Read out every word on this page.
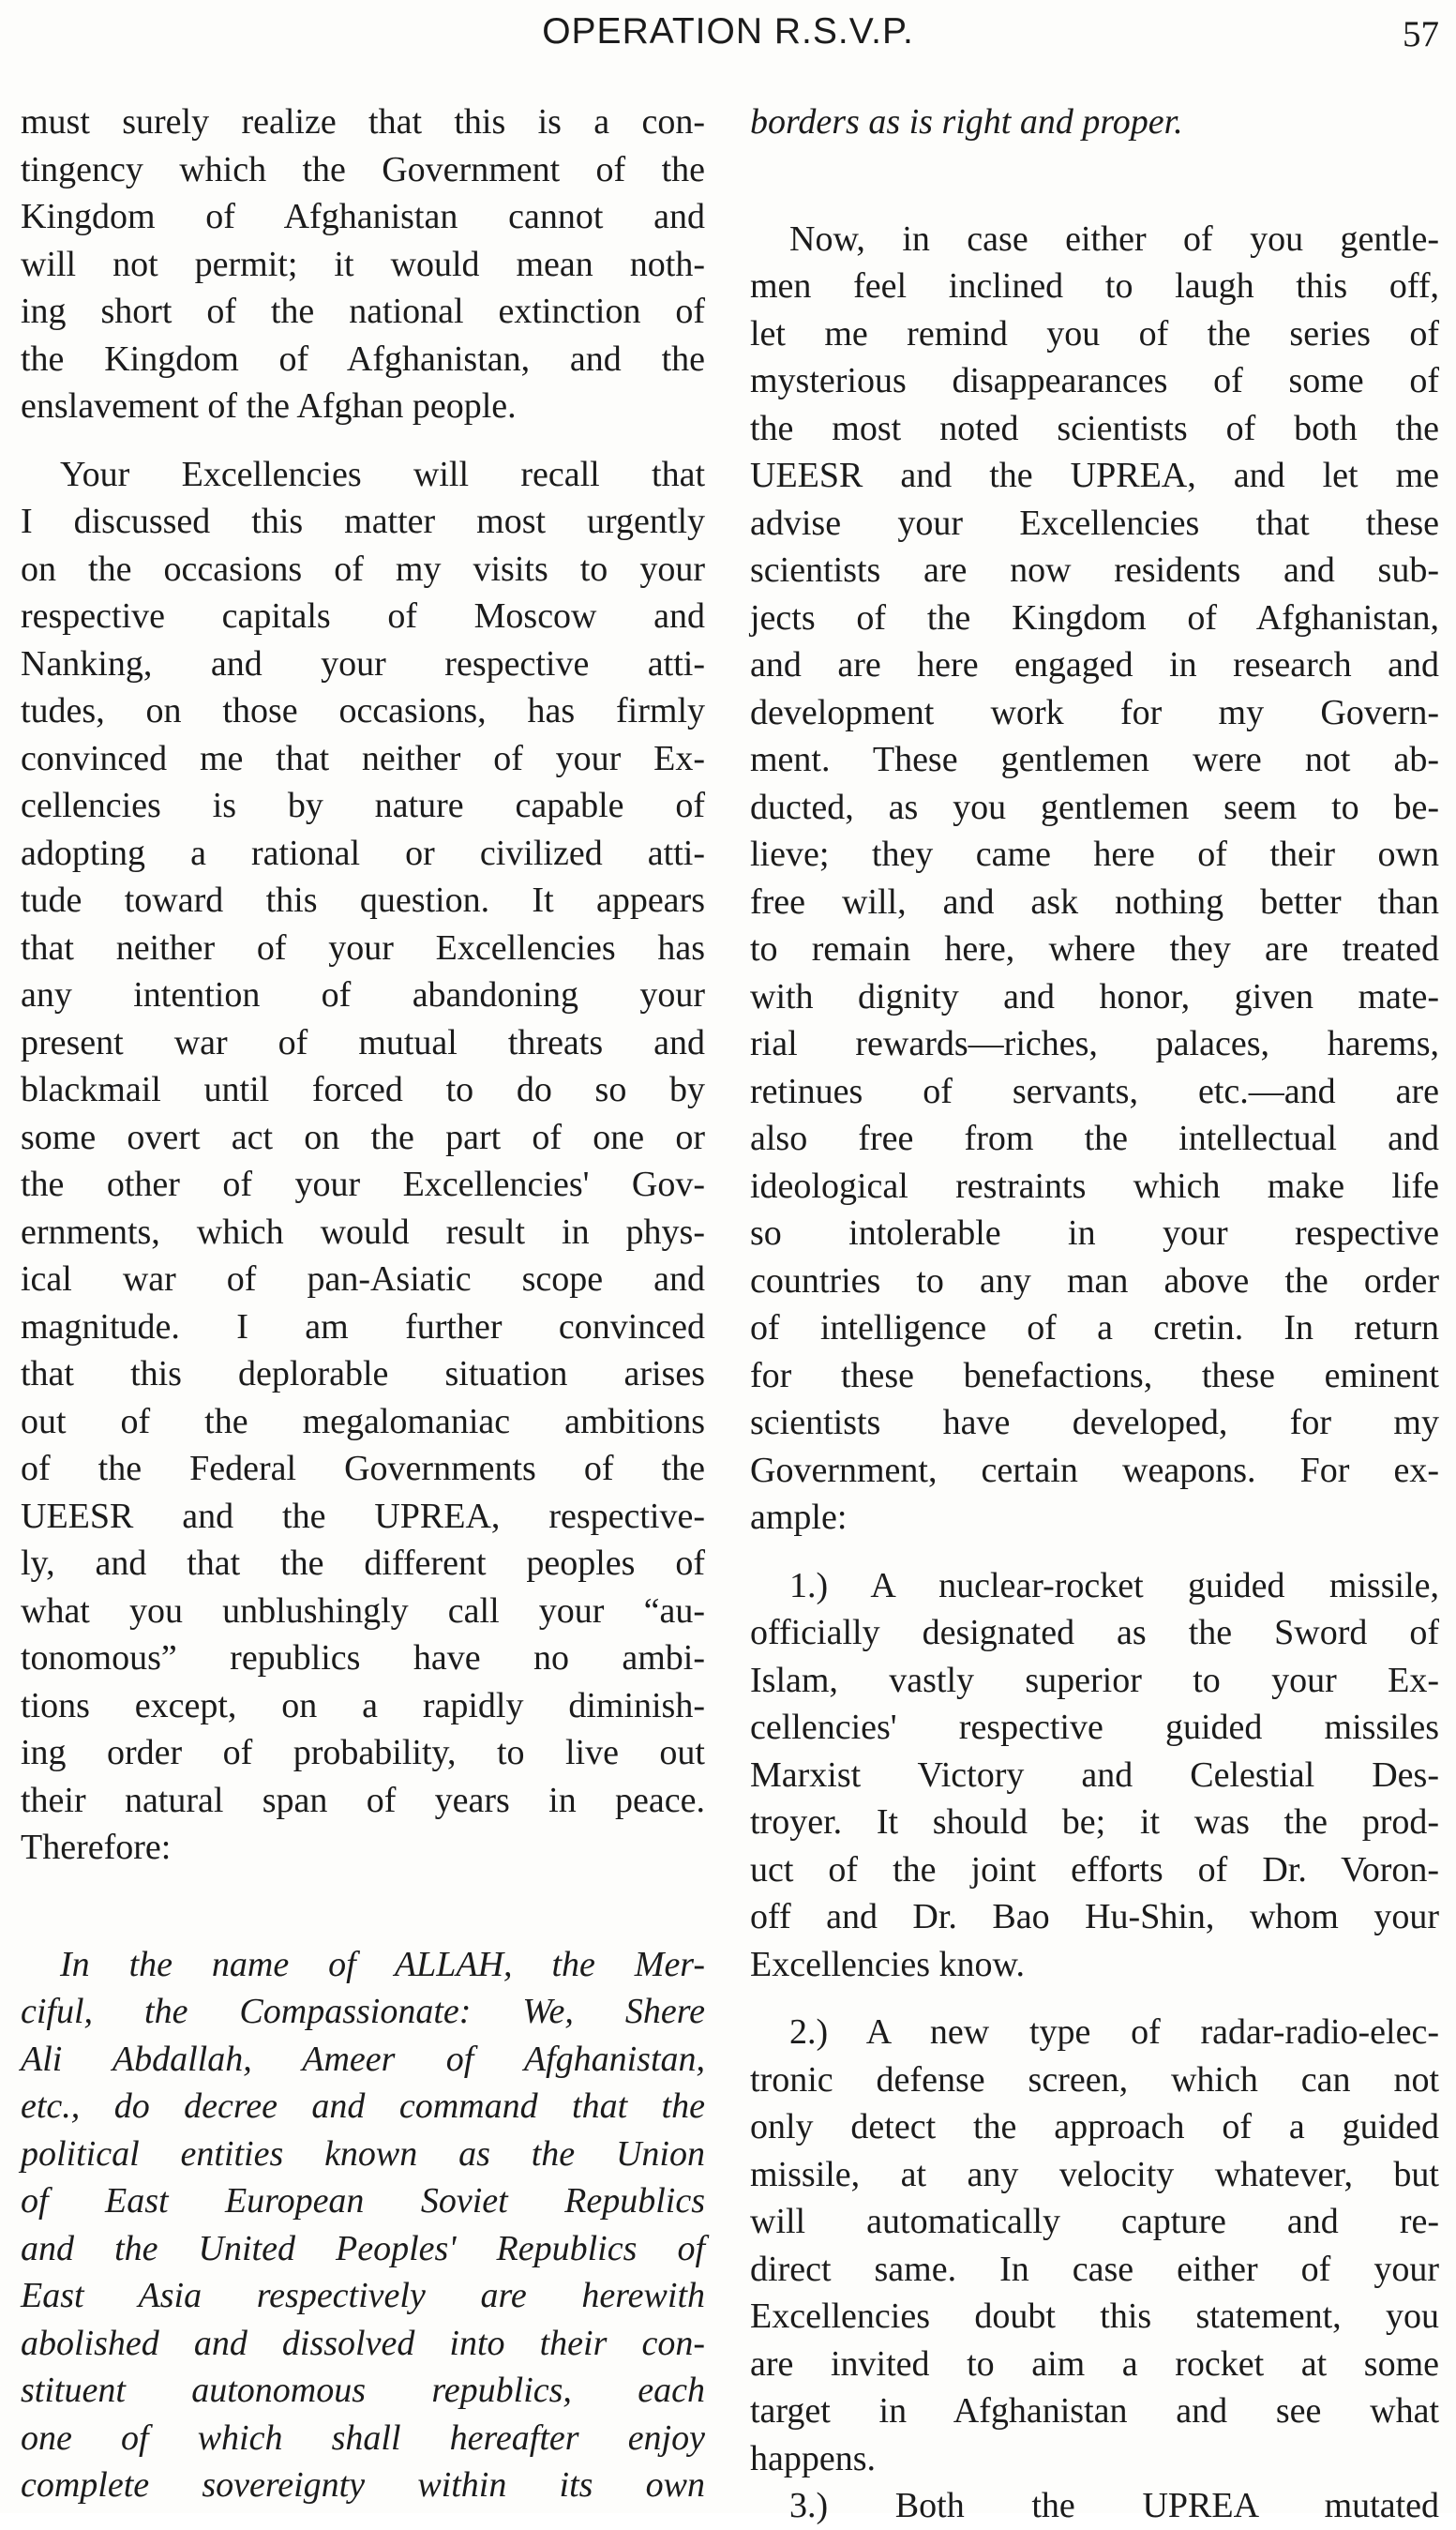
OPERATION R.S.V.P.	57
must surely realize that this is a con-
tingency which the Government of the
Kingdom of Afghanistan cannot and
will not permit; it would mean noth-
ing short of the national extinction of
the Kingdom of Afghanistan, and the
enslavement of the Afghan people.
Your Excellencies will recall that
I discussed this matter most urgently
on the occasions of my visits to your
respective capitals of Moscow and
Nanking, and your respective atti-
tudes, on those occasions, has firmly
convinced me that neither of your Ex-
cellencies is by nature capable of
adopting a rational or civilized atti-
tude toward this question. It appears
that neither of your Excellencies has
any intention of abandoning your
present war of mutual threats and
blackmail until forced to do so by
some overt act on the part of one or
the other of your Excellencies' Gov-
ernments, which would result in phys-
ical war of pan-Asiatic scope and
magnitude. I am further convinced
that this deplorable situation arises
out of the megalomaniac ambitions
of the Federal Governments of the
UEESR and the UPREA, respective-
ly, and that the different peoples of
what you unblushingly call your “au-
tonomous” republics have no ambi-
tions except, on a rapidly diminish-
ing order of probability, to live out
their natural span of years in peace.
Therefore:
In the name of ALLAH, the Mer-
ciful, the Compassionate: We, Shere
Ali Abdallah, Ameer of Afghanistan,
etc., do decree and command that the
political entities known as the Union
of East European Soviet Republics
and the United Peoples' Republics of
East Asia respectively are herewith
abolished and dissolved into their con-
stituent autonomous republics, each
one of which shall hereafter enjoy
complete sovereignty within its own
borders as is right and proper.
Now, in case either of you gentle-
men feel inclined to laugh this off,
let me remind you of the series of
mysterious disappearances of some of
the most noted scientists of both the
UEESR and the UPREA, and let me
advise your Excellencies that these
scientists are now residents and sub-
jects of the Kingdom of Afghanistan,
and are here engaged in research and
development work for my Govern-
ment. These gentlemen were not ab-
ducted, as you gentlemen seem to be-
lieve; they came here of their own
free will, and ask nothing better than
to remain here, where they are treated
with dignity and honor, given mate-
rial rewards—riches, palaces, harems,
retinues of servants, etc.—and are
also free from the intellectual and
ideological restraints which make life
so intolerable in your respective
countries to any man above the order
of intelligence of a cretin. In return
for these benefactions, these eminent
scientists have developed, for my
Government, certain weapons. For ex-
ample:
1.) A nuclear-rocket guided missile,
officially designated as the Sword of
Islam, vastly superior to your Ex-
cellencies' respective guided missiles
Marxist Victory and Celestial Des-
troyer. It should be; it was the prod-
uct of the joint efforts of Dr. Voron-
off and Dr. Bao Hu-Shin, whom your
Excellencies know.
2.) A new type of radar-radio-elec-
tronic defense screen, which can not
only detect the approach of a guided
missile, at any velocity whatever, but
will automatically capture and re-
direct same. In case either of your
Excellencies doubt this statement, you
are invited to aim a rocket at some
target in Afghanistan and see what
happens.
3.) Both the UPREA mutated
